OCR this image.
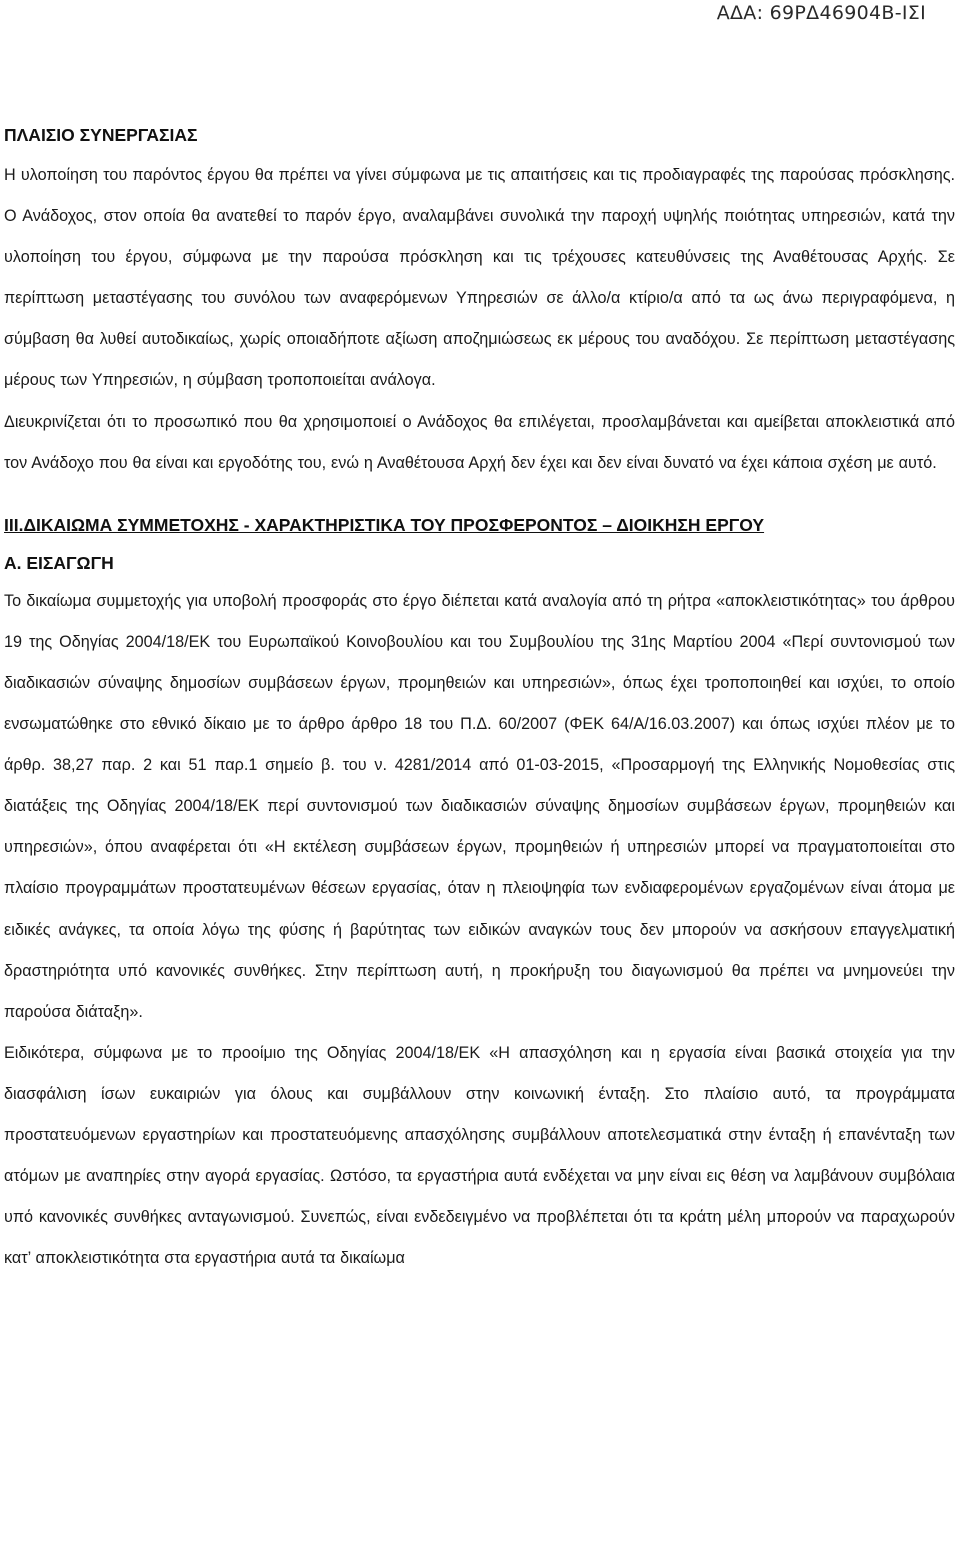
ΑΔΑ: 69ΡΔ46904Β-ΙΣΙ

ΠΛΑΙΣΙΟ ΣΥΝΕΡΓΑΣΙΑΣ

Η υλοποίηση του παρόντος έργου θα πρέπει να γίνει σύμφωνα με τις απαιτήσεις και τις προδιαγραφές της παρούσας πρόσκλησης. Ο Ανάδοχος, στον οποία θα ανατεθεί το παρόν έργο, αναλαμβάνει συνολικά την παροχή υψηλής ποιότητας υπηρεσιών, κατά την υλοποίηση του έργου, σύμφωνα με την παρούσα πρόσκληση και τις τρέχουσες κατευθύνσεις της Αναθέτουσας Αρχής. Σε περίπτωση μεταστέγασης του συνόλου των αναφερόμενων Υπηρεσιών σε άλλο/α κτίριο/α από τα ως άνω περιγραφόμενα, η σύμβαση θα λυθεί αυτοδικαίως, χωρίς οποιαδήποτε αξίωση αποζημιώσεως εκ μέρους του αναδόχου. Σε περίπτωση μεταστέγασης μέρους των Υπηρεσιών, η σύμβαση τροποποιείται ανάλογα.

Διευκρινίζεται ότι το προσωπικό που θα χρησιμοποιεί ο Ανάδοχος θα επιλέγεται, προσλαμβάνεται και αμείβεται αποκλειστικά από τον Ανάδοχο που θα είναι και εργοδότης του, ενώ η Αναθέτουσα Αρχή δεν έχει και δεν είναι δυνατό να έχει κάποια σχέση με αυτό.

ΙΙΙ.ΔΙΚΑΙΩΜΑ ΣΥΜΜΕΤΟΧΗΣ - ΧΑΡΑΚΤΗΡΙΣΤΙΚΑ ΤΟΥ ΠΡΟΣΦΕΡΟΝΤΟΣ – ΔΙΟΙΚΗΣΗ ΕΡΓΟΥ

Α. ΕΙΣΑΓΩΓΗ

Το δικαίωμα συμμετοχής για υποβολή προσφοράς στο έργο διέπεται κατά αναλογία από τη ρήτρα «αποκλειστικότητας» του άρθρου 19 της Οδηγίας 2004/18/ΕΚ του Ευρωπαϊκού Κοινοβουλίου και του Συμβουλίου της 31ης Μαρτίου 2004 «Περί συντονισμού των διαδικασιών σύναψης δημοσίων συμβάσεων έργων, προμηθειών και υπηρεσιών», όπως έχει τροποποιηθεί και ισχύει, το οποίο ενσωματώθηκε στο εθνικό δίκαιο με το άρθρο άρθρο 18 του Π.Δ. 60/2007 (ΦΕΚ 64/Α/16.03.2007) και όπως ισχύει πλέον με το άρθρ. 38,27 παρ. 2 και 51 παρ.1 σημείο β. του ν. 4281/2014 από 01-03-2015, «Προσαρμογή της Ελληνικής Νομοθεσίας στις διατάξεις της Οδηγίας 2004/18/ΕΚ περί συντονισμού των διαδικασιών σύναψης δημοσίων συμβάσεων έργων, προμηθειών και υπηρεσιών», όπου αναφέρεται ότι «Η εκτέλεση συμβάσεων έργων, προμηθειών ή υπηρεσιών μπορεί να πραγματοποιείται στο πλαίσιο προγραμμάτων προστατευμένων θέσεων εργασίας, όταν η πλειοψηφία των ενδιαφερομένων εργαζομένων είναι άτομα με ειδικές ανάγκες, τα οποία λόγω της φύσης ή βαρύτητας των ειδικών αναγκών τους δεν μπορούν να ασκήσουν επαγγελματική δραστηριότητα υπό κανονικές συνθήκες. Στην περίπτωση αυτή, η προκήρυξη του διαγωνισμού θα πρέπει να μνημονεύει την παρούσα διάταξη».

Ειδικότερα, σύμφωνα με το προοίμιο της Οδηγίας 2004/18/ΕΚ «Η απασχόληση και η εργασία είναι βασικά στοιχεία για την διασφάλιση ίσων ευκαιριών για όλους και συμβάλλουν στην κοινωνική ένταξη. Στο πλαίσιο αυτό, τα προγράμματα προστατευόμενων εργαστηρίων και προστατευόμενης απασχόλησης συμβάλλουν αποτελεσματικά στην ένταξη ή επανένταξη των ατόμων με αναπηρίες στην αγορά εργασίας. Ωστόσο, τα εργαστήρια αυτά ενδέχεται να μην είναι εις θέση να λαμβάνουν συμβόλαια υπό κανονικές συνθήκες ανταγωνισμού. Συνεπώς, είναι ενδεδειγμένο να προβλέπεται ότι τα κράτη μέλη μπορούν να παραχωρούν κατ’ αποκλειστικότητα στα εργαστήρια αυτά τα δικαίωμα
